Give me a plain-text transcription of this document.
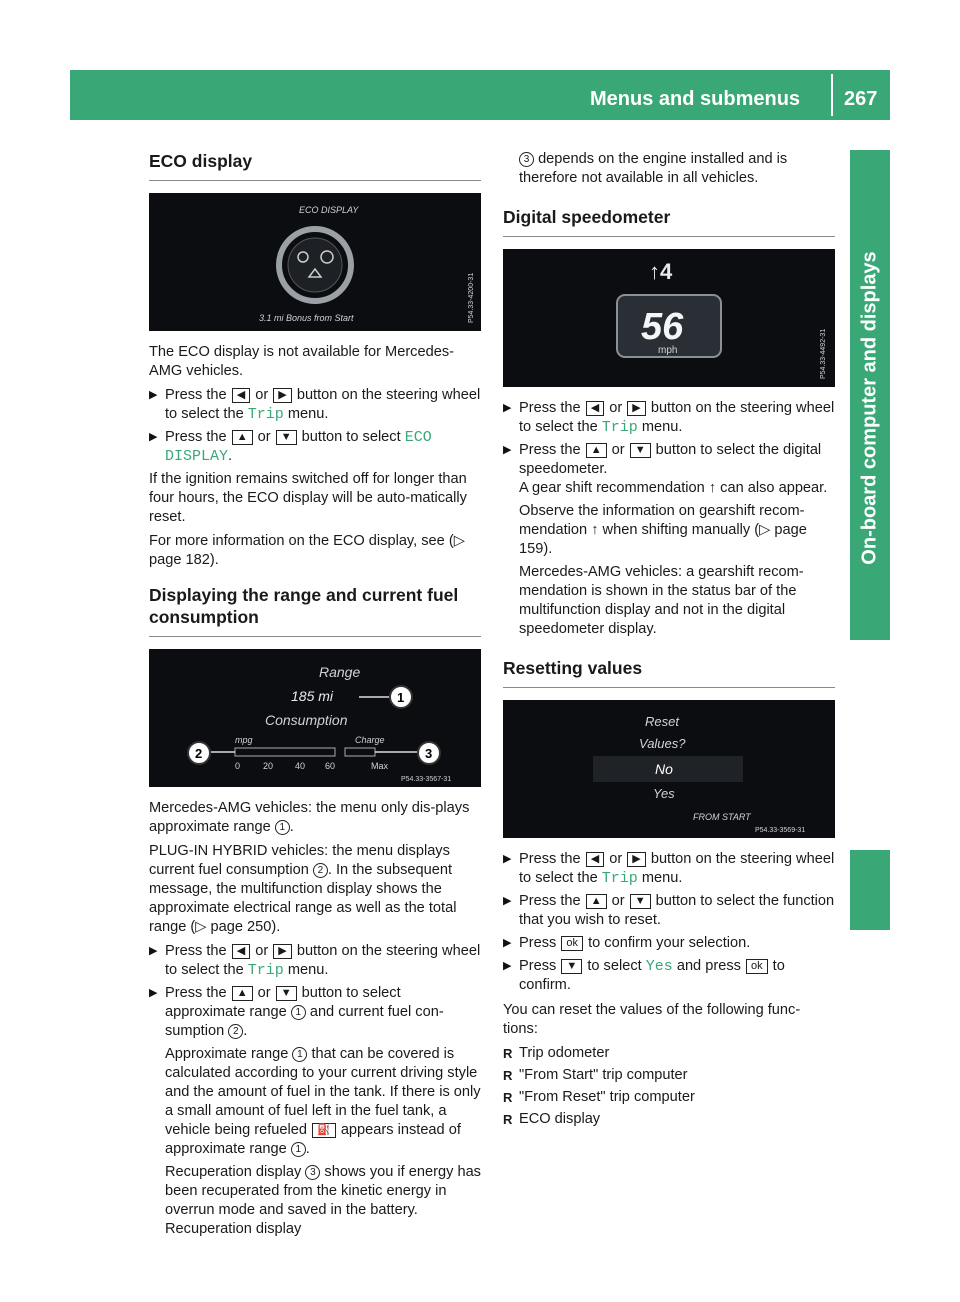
Menus and submenus 267
On-board computer and displays
ECO display
ECO DISPLAY
3.1 mi Bonus from Start	P54.33-4200-31

The ECO display is not available for Mercedes-AMG vehicles.

▶ Press the ◀ or ▶ button on the steering wheel to select the Trip menu.
▶ Press the ▲ or ▼ button to select ECO DISPLAY.

If the ignition remains switched off for longer than four hours, the ECO display will be auto-matically reset.

For more information on the ECO display, see (▷ page 182).

Displaying the range and current fuel consumption
Range
185 mi	1
Consumption
mpg	Charge
2	3
0	20 40 60	Max
P54.33-3567-31

Mercedes-AMG vehicles: the menu only dis-plays approximate range 1 .

PLUG-IN HYBRID vehicles: the menu displays current fuel consumption 2 . In the subsequent message, the multifunction display shows the approximate electrical range as well as the total range (▷ page 250).

▶ Press the ◀ or ▶ button on the steering wheel to select the Trip menu.
▶ Press the ▲ or ▼ button to select approximate range 1 and current fuel con-sumption 2 .
Approximate range 1 that can be covered is calculated according to your current driving style and the amount of fuel in the tank. If there is only a small amount of fuel left in the fuel tank, a vehicle being refueled ⛽ appears instead of approximate range 1 .
Recuperation display 3 shows you if energy has been recuperated from the kinetic energy in overrun mode and saved in the battery. Recuperation display
3 depends on the engine installed and is therefore not available in all vehicles.
Digital speedometer
↑4
56
mph	P54.33-4492-31
▶ Press the ◀ or ▶ button on the steering wheel to select the Trip menu.
▶ Press the ▲ or ▼ button to select the digital speedometer.
A gear shift recommendation ↑ can also appear.
Observe the information on gearshift recom-mendation ↑ when shifting manually (▷ page 159).
Mercedes-AMG vehicles: a gearshift recom-mendation is shown in the status bar of the multifunction display and not in the digital speedometer display.
Resetting values
Reset
Values?
No
Yes
FROM START
P54.33-3569-31
▶ Press the ◀ or ▶ button on the steering wheel to select the Trip menu.
▶ Press the ▲ or ▼ button to select the function that you wish to reset.
▶ Press ok to confirm your selection.
▶ Press ▼ to select Yes and press ok to confirm.

You can reset the values of the following func-tions:

R Trip odometer
R "From Start" trip computer
R "From Reset" trip computer
R ECO display
